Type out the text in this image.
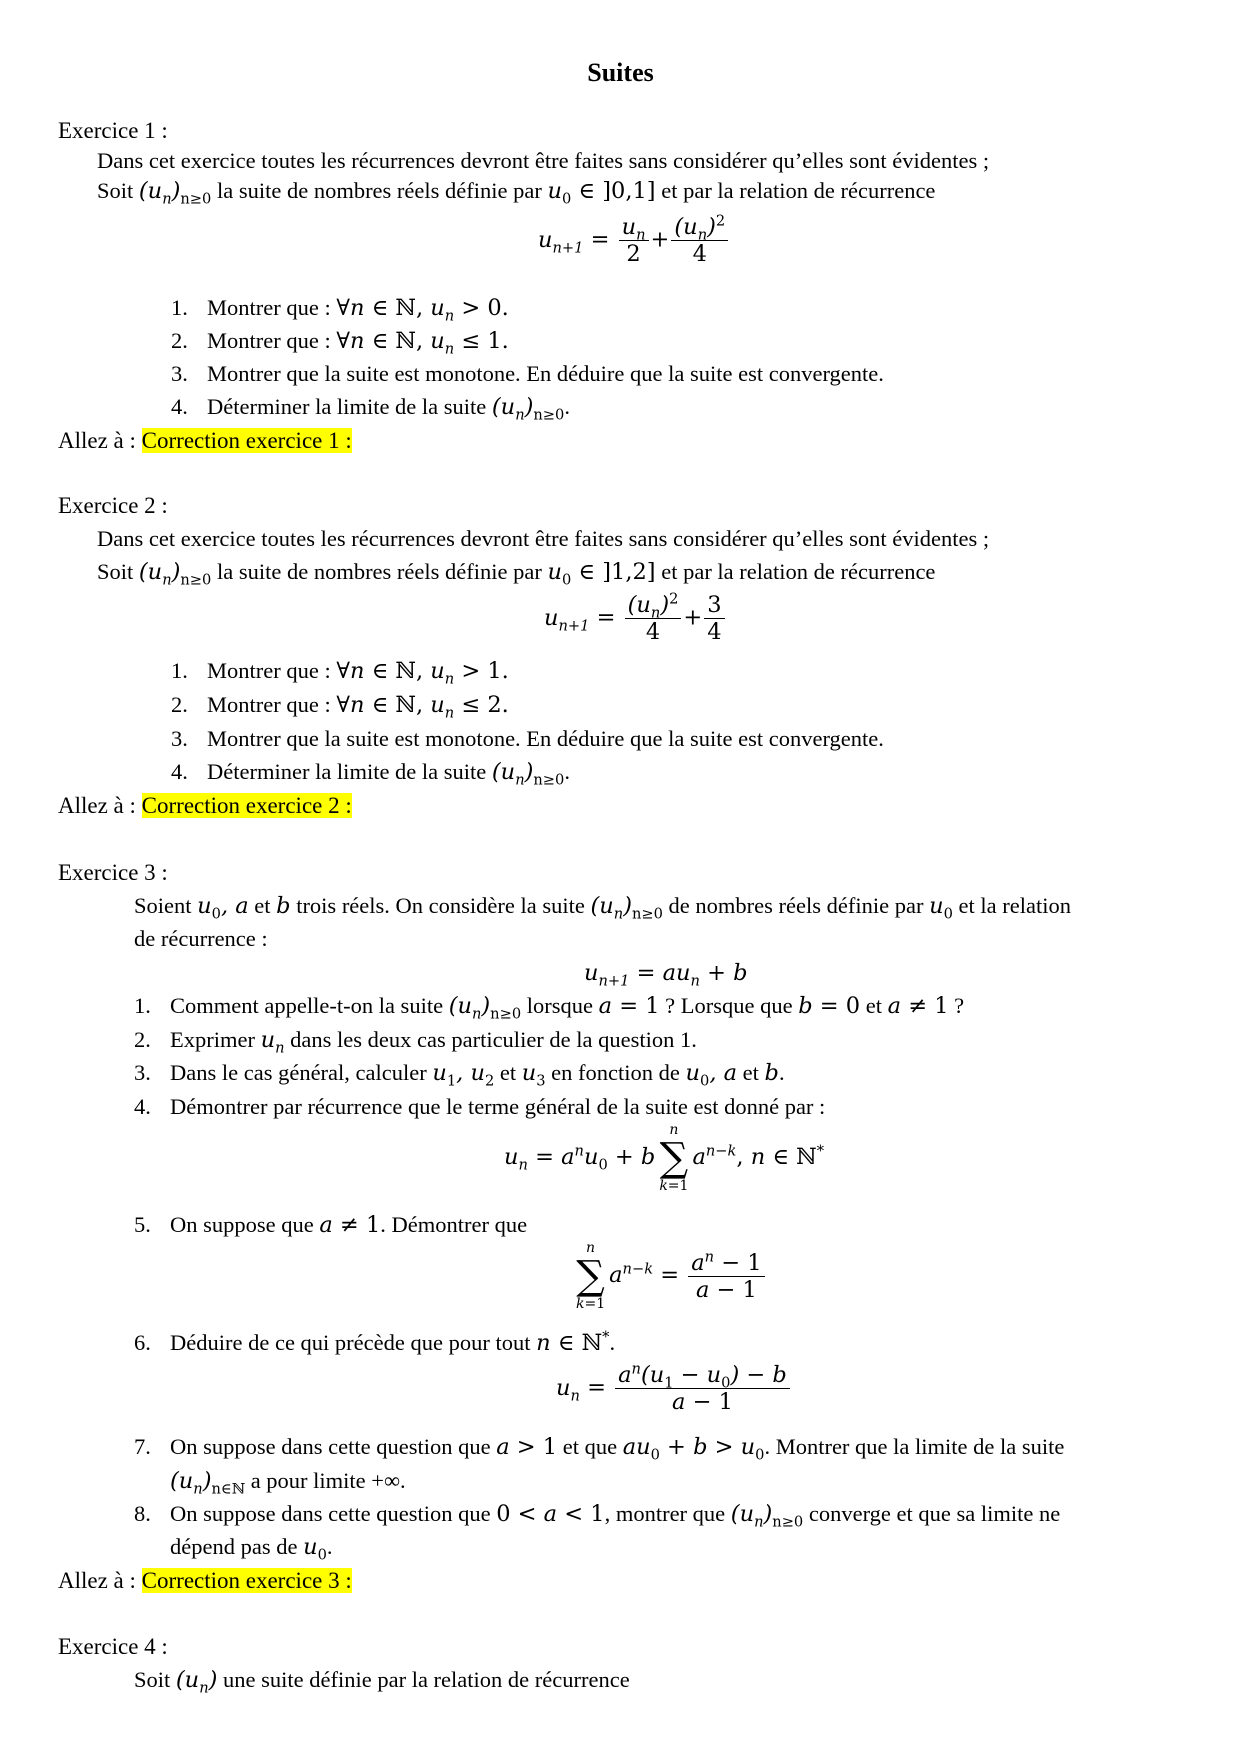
Suites
Exercice 1 :
Dans cet exercice toutes les récurrences devront être faites sans considérer qu’elles sont évidentes ;
Soit $(u_n)_{n\ge 0}$ la suite de nombres réels définie par $u_0$ ∈ ]0,1] et par la relation de récurrence
$u_{n+1} = \frac{u_n}{2} + \frac{(u_n)^2}{4}$
1. Montrer que : ∀n ∈ ℕ, $u_n > 0$.
2. Montrer que : ∀n ∈ ℕ, $u_n \le 1$.
3. Montrer que la suite est monotone. En déduire que la suite est convergente.
4. Déterminer la limite de la suite $(u_n)_{n\ge 0}$.
Allez à : Correction exercice 1 :
Exercice 2 :
Dans cet exercice toutes les récurrences devront être faites sans considérer qu’elles sont évidentes ;
Soit $(u_n)_{n\ge 0}$ la suite de nombres réels définie par $u_0$ ∈ ]1,2] et par la relation de récurrence
$u_{n+1} = \frac{(u_n)^2}{4} + \frac{3}{4}$
1. Montrer que : ∀n ∈ ℕ, $u_n > 1$.
2. Montrer que : ∀n ∈ ℕ, $u_n \le 2$.
3. Montrer que la suite est monotone. En déduire que la suite est convergente.
4. Déterminer la limite de la suite $(u_n)_{n\ge 0}$.
Allez à : Correction exercice 2 :
Exercice 3 :
Soient $u_0$, a et b trois réels. On considère la suite $(u_n)_{n\ge 0}$ de nombres réels définie par $u_0$ et la relation
de récurrence :
$u_{n+1} = au_n + b$
1. Comment appelle-t-on la suite $(u_n)_{n\ge 0}$ lorsque a = 1 ? Lorsque que b = 0 et a ≠ 1 ?
2. Exprimer $u_n$ dans les deux cas particulier de la question 1.
3. Dans le cas général, calculer $u_1$, $u_2$ et $u_3$ en fonction de $u_0$, a et b.
4. Démontrer par récurrence que le terme général de la suite est donné par :
$u_n = a^nu_0 + b$
n
∑
k=1
$a^{n-k}$, n ∈ ℕ*
5. On suppose que a ≠ 1. Démontrer que
n
∑
k=1
$a^{n-k} = \frac{a^n - 1}{a - 1}$
6. Déduire de ce qui précède que pour tout n ∈ ℕ*.
$u_n = \frac{a^n(u_1 - u_0) - b}{a - 1}$
7. On suppose dans cette question que a > 1 et que $au_0 + b > u_0$. Montrer que la limite de la suite
$(u_n)_{n\in ℕ}$ a pour limite +∞.
8. On suppose dans cette question que 0 < a < 1, montrer que $(u_n)_{n\ge 0}$ converge et que sa limite ne
dépend pas de $u_0$.
Allez à : Correction exercice 3 :
Exercice 4 :
Soit $(u_n)$ une suite définie par la relation de récurrence
